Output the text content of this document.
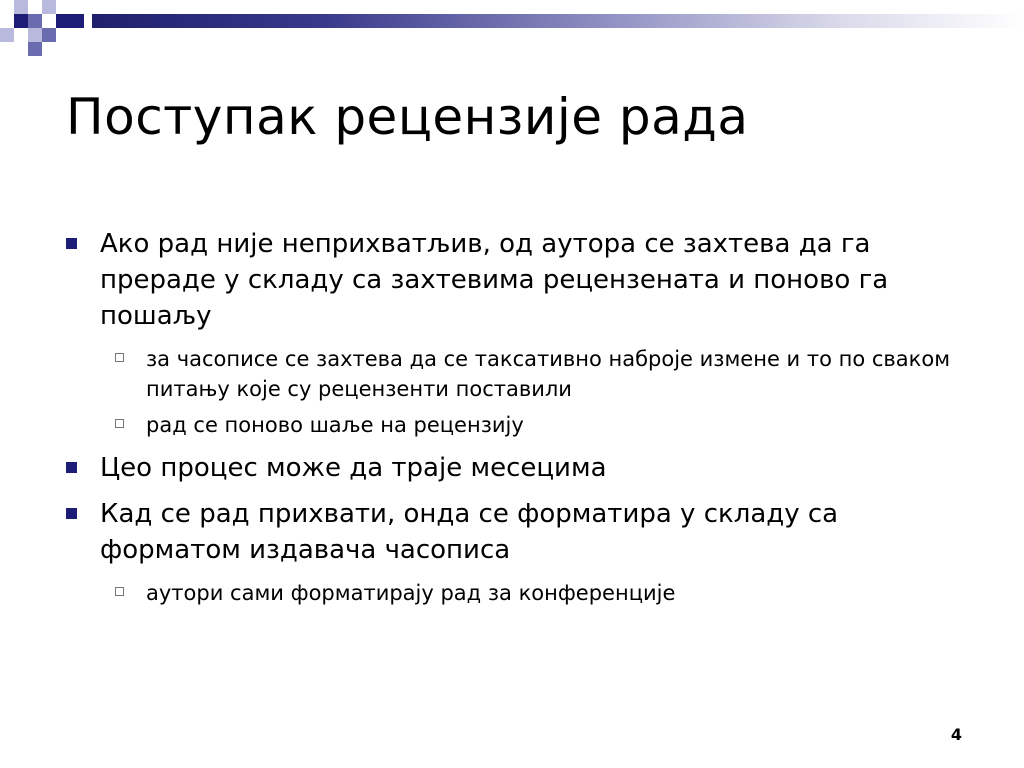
Поступак рецензије рада
Ако рад није неприхватљив, од аутора се захтева да га пpераде у складу са захтевима рецензената и поново га пошаљу
за часописе се захтева да се таксативно наброје измене и то по сваком питању које су рецензенти поставили
рад се поново шаље на рецензију
Цео процес може да траје месецима
Кад се рад прихвати, онда се форматира у складу са форматом издавача часописа
аутори сами форматирају рад за конференције
4
